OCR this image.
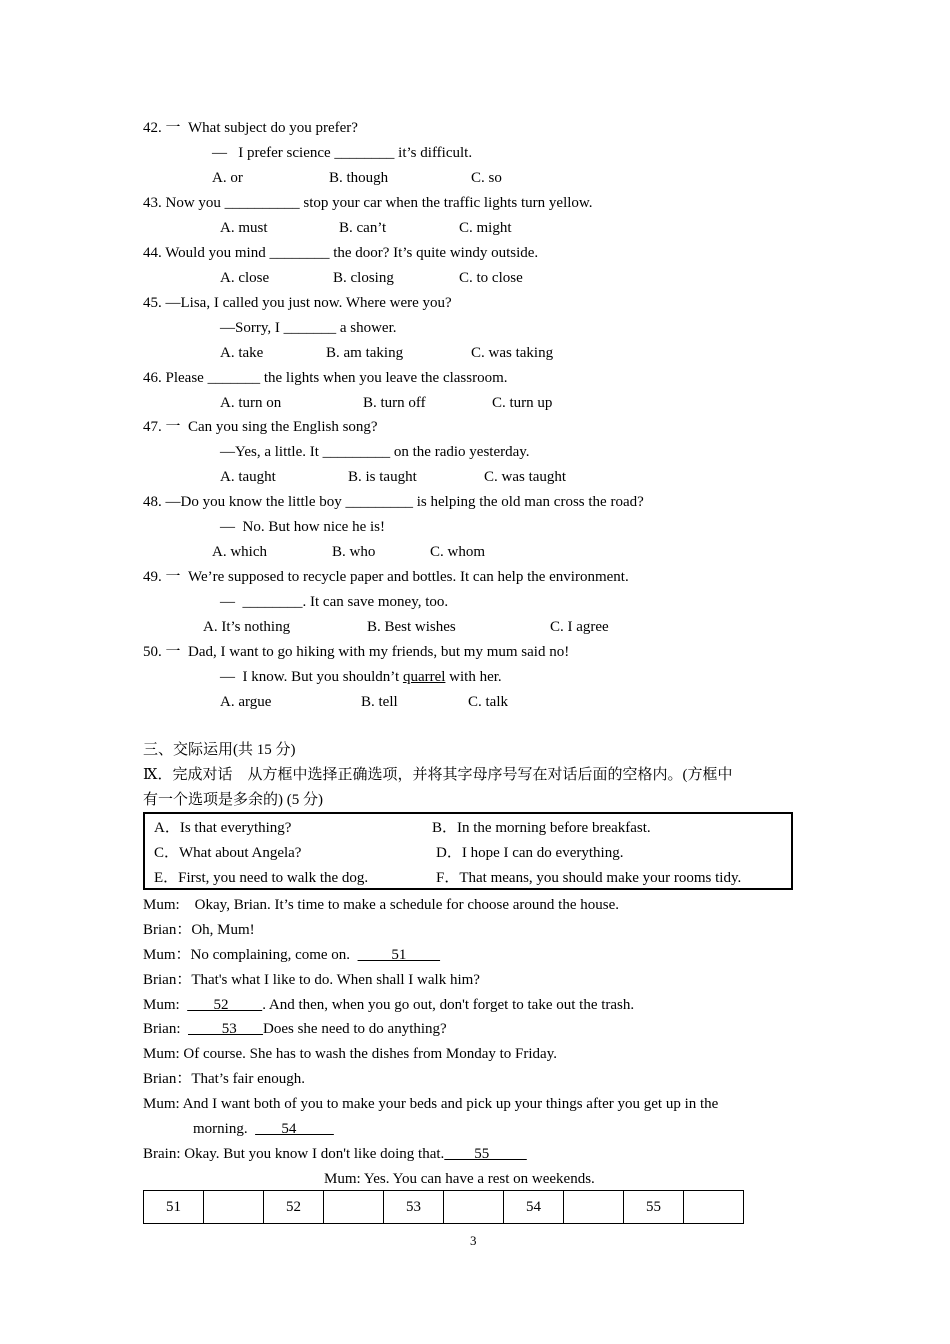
42. 一  What subject do you prefer?
—   I prefer science ________ it’s difficult.
A. or	B. though	C. so
43. Now you __________ stop your car when the traffic lights turn yellow.
A. must	B. can’t	C. might
44. Would you mind ________ the door? It’s quite windy outside.
A. close	B. closing	C. to close
45. —Lisa, I called you just now. Where were you?
—Sorry, I _______ a shower.
A. take	B. am taking	C. was taking
46. Please _______ the lights when you leave the classroom.
A. turn on	B. turn off	C. turn up
47. 一  Can you sing the English song?
—Yes, a little. It _________ on the radio yesterday.
A. taught	B. is taught	C. was taught
48. —Do you know the little boy _________ is helping the old man cross the road?
—  No. But how nice he is!
A. which	B. who	C. whom
49. 一  We’re supposed to recycle paper and bottles. It can help the environment.
—  ________. It can save money, too.
A. It’s nothing	B. Best wishes	C. I agree
50. 一  Dad, I want to go hiking with my friends, but my mum said no!
—  I know. But you shouldn’t quarrel with her.
A. argue	B. tell	C. talk
三、交际运用(共 15 分)
Ⅸ．完成对话    从方框中选择正确选项，并将其字母序号写在对话后面的空格内。(方框中
有一个选项是多余的) (5 分)
A．Is that everything?	B．In the morning before breakfast.
C．What about Angela?	D．I hope I can do everything.
E．First, you need to walk the dog.	F．That means, you should make your rooms tidy.
Mum:    Okay, Brian. It’s time to make a schedule for choose around the house.
Brian：Oh, Mum!
Mum：No complaining, come on.           51
Brian：That's what I like to do. When shall I walk him?
Mum:         52         . And then, when you go out, don't forget to take out the trash.
Brian:           53       Does she need to do anything?
Mum: Of course. She has to wash the dishes from Monday to Friday.
Brian：That’s fair enough.
Mum: And I want both of you to make your beds and pick up your things after you get up in the
morning.         54
Brain: Okay. But you know I don't like doing that.        55
Mum: Yes. You can have a rest on weekends.
51		52		53		54		55	
3
